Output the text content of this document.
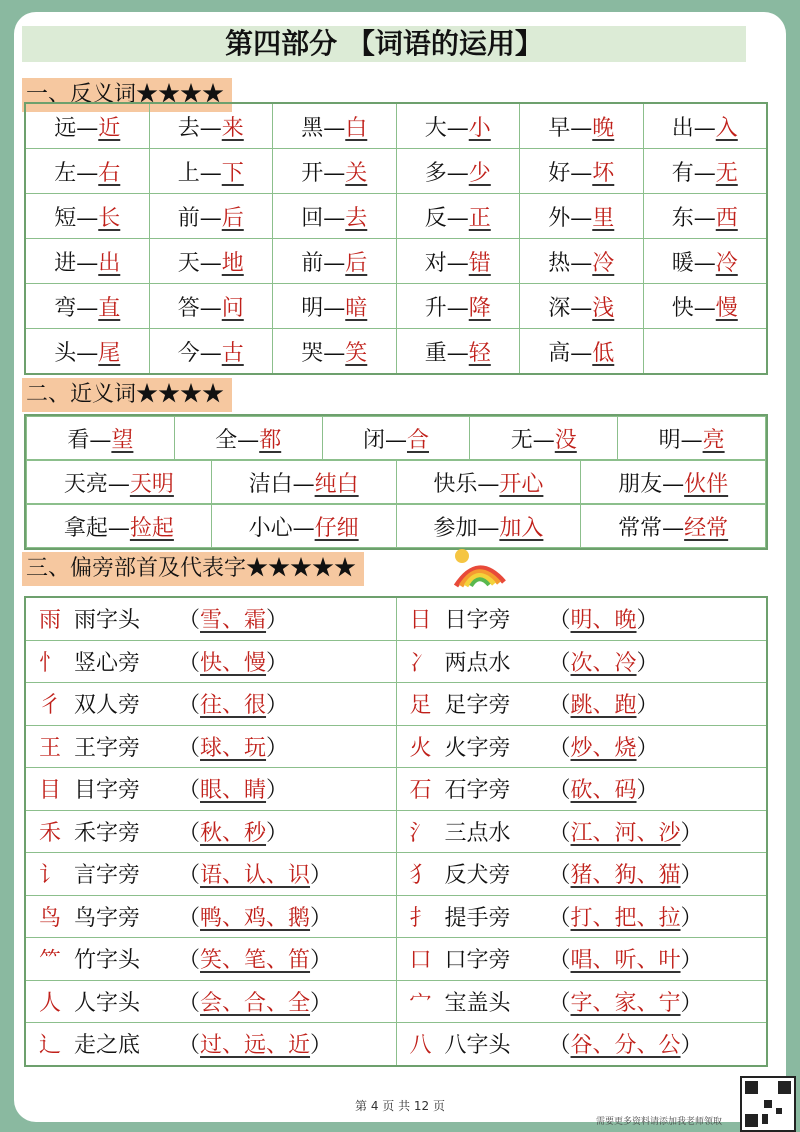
第四部分 【词语的运用】
一、反义词★★★★
远—近	去—来	黑—白	大—小	早—晚	出—入
左—右	上—下	开—关	多—少	好—坏	有—无
短—长	前—后	回—去	反—正	外—里	东—西
进—出	天—地	前—后	对—错	热—冷	暖—冷
弯—直	答—问	明—暗	升—降	深—浅	快—慢
头—尾	今—古	哭—笑	重—轻	高—低	
二、近义词★★★★
看—望	全—都	闭—合	无—没	明—亮

天亮—天明	洁白—纯白	快乐—开心	朋友—伙伴

拿起—捡起	小心—仔细	参加—加入	常常—经常
三、偏旁部首及代表字★★★★★
雨 雨字头 （雪、霜）	日 日字旁 （明、晚）
忄 竖心旁 （快、慢）	冫 两点水 （次、冷）
彳 双人旁 （往、很）	足 足字旁 （跳、跑）
王 王字旁 （球、玩）	火 火字旁 （炒、烧）
目 目字旁 （眼、睛）	石 石字旁 （砍、码）
禾 禾字旁 （秋、秒）	氵 三点水 （江、河、沙）
讠 言字旁 （语、认、识）	犭 反犬旁 （猪、狗、猫）
鸟 鸟字旁 （鸭、鸡、鹅）	扌 提手旁 （打、把、拉）
⺮ 竹字头 （笑、笔、笛）	口 口字旁 （唱、听、叶）
人 人字头 （会、合、全）	宀 宝盖头 （字、家、宁）
辶 走之底 （过、远、近）	八 八字头 （谷、分、公）
第 4 页 共 12 页
需要更多资料请添加我老师领取
